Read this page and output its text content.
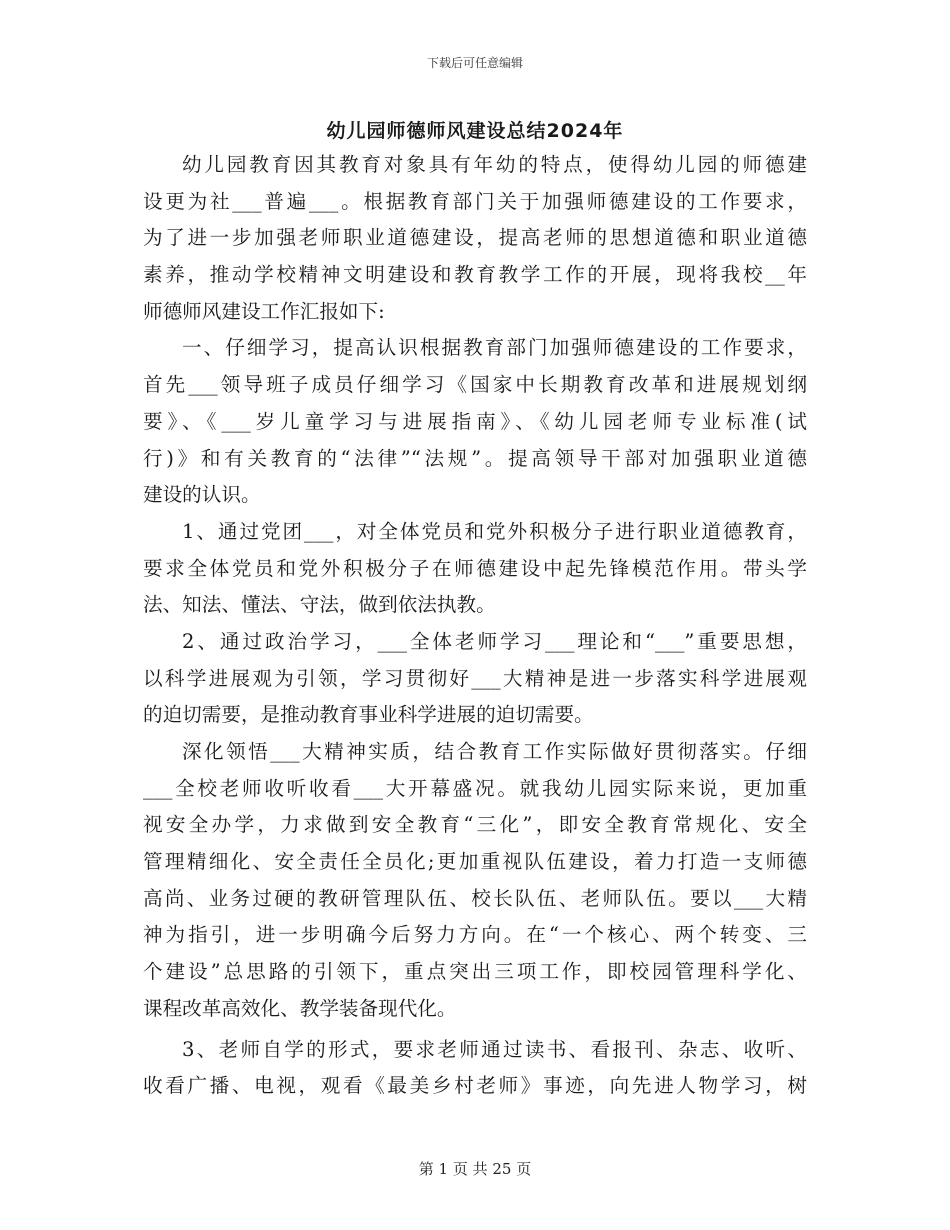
下载后可任意编辑
幼儿园师德师风建设总结2024年
幼儿园教育因其教育对象具有年幼的特点，使得幼儿园的师德建
设更为社___普遍___。根据教育部门关于加强师德建设的工作要求，
为了进一步加强老师职业道德建设，提高老师的思想道德和职业道德
素养，推动学校精神文明建设和教育教学工作的开展，现将我校__年
师德师风建设工作汇报如下:
一、仔细学习，提高认识根据教育部门加强师德建设的工作要求，
首先___领导班子成员仔细学习《国家中长期教育改革和进展规划纲
要》、《___岁儿童学习与进展指南》、《幼儿园老师专业标准(试
行)》和有关教育的“法律”“法规”。提高领导干部对加强职业道德
建设的认识。
1、通过党团___，对全体党员和党外积极分子进行职业道德教育，
要求全体党员和党外积极分子在师德建设中起先锋模范作用。带头学
法、知法、懂法、守法，做到依法执教。
2、通过政治学习，___全体老师学习___理论和“___”重要思想，
以科学进展观为引领，学习贯彻好___大精神是进一步落实科学进展观
的迫切需要，是推动教育事业科学进展的迫切需要。
深化领悟___大精神实质，结合教育工作实际做好贯彻落实。仔细
___全校老师收听收看___大开幕盛况。就我幼儿园实际来说，更加重
视安全办学，力求做到安全教育“三化”，即安全教育常规化、安全
管理精细化、安全责任全员化;更加重视队伍建设，着力打造一支师德
高尚、业务过硬的教研管理队伍、校长队伍、老师队伍。要以___大精
神为指引，进一步明确今后努力方向。在“一个核心、两个转变、三
个建设”总思路的引领下，重点突出三项工作，即校园管理科学化、
课程改革高效化、教学装备现代化。
3、老师自学的形式，要求老师通过读书、看报刊、杂志、收听、
收看广播、电视，观看《最美乡村老师》事迹，向先进人物学习，树
第 1 页 共 25 页
